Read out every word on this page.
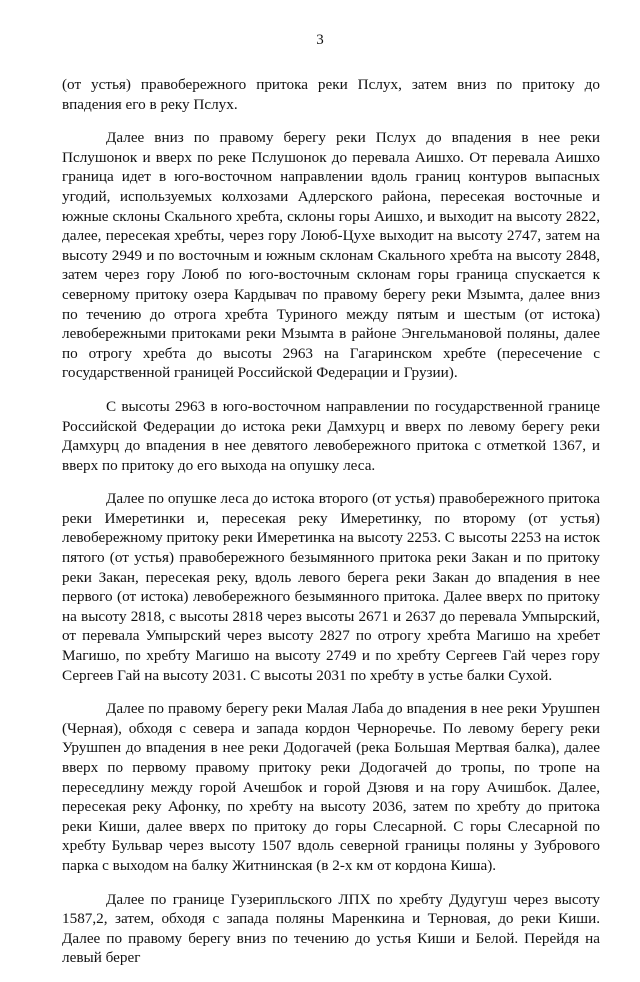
3

(от устья) правобережного притока реки Пслух, затем вниз по притоку до впадения его в реку Пслух.

Далее вниз по правому берегу реки Пслух до впадения в нее реки Пслушонок и вверх по реке Пслушонок до перевала Аишхо. От перевала Аишхо граница идет в юго-восточном направлении вдоль границ контуров выпасных угодий, используемых колхозами Адлерского района, пересекая восточные и южные склоны Скального хребта, склоны горы Аишхо, и выходит на высоту 2822, далее, пересекая хребты, через гору Лоюб-Цухе выходит на высоту 2747, затем на высоту 2949 и по восточным и южным склонам Скального хребта на высоту 2848, затем через гору Лоюб по юго-восточным склонам горы граница спускается к северному притоку озера Кардывач по правому берегу реки Мзымта, далее вниз по течению до отрога хребта Туриного между пятым и шестым (от истока) левобережными притоками реки Мзымта в районе Энгельмановой поляны, далее по отрогу хребта до высоты 2963 на Гагаринском хребте (пересечение с государственной границей Российской Федерации и Грузии).

С высоты 2963 в юго-восточном направлении по государственной границе Российской Федерации до истока реки Дамхурц и вверх по левому берегу реки Дамхурц до впадения в нее девятого левобережного притока с отметкой 1367, и вверх по притоку до его выхода на опушку леса.

Далее по опушке леса до истока второго (от устья) правобережного притока реки Имеретинки и, пересекая реку Имеретинку, по второму (от устья) левобережному притоку реки Имеретинка на высоту 2253. С высоты 2253 на исток пятого (от устья) правобережного безымянного притока реки Закан и по притоку реки Закан, пересекая реку, вдоль левого берега реки Закан до впадения в нее первого (от истока) левобережного безымянного притока. Далее вверх по притоку на высоту 2818, с высоты 2818 через высоты 2671 и 2637 до перевала Умпырский, от перевала Умпырский через высоту 2827 по отрогу хребта Магишо на хребет Магишо, по хребту Магишо на высоту 2749 и по хребту Сергеев Гай через гору Сергеев Гай на высоту 2031. С высоты 2031 по хребту в устье балки Сухой.

Далее по правому берегу реки Малая Лаба до впадения в нее реки Урушпен (Черная), обходя с севера и запада кордон Черноречье. По левому берегу реки Урушпен до впадения в нее реки Додогачей (река Большая Мертвая балка), далее вверх по первому правому притоку реки Додогачей до тропы, по тропе на переседлину между горой Ачешбок и горой Дзювя и на гору Ачишбок. Далее, пересекая реку Афонку, по хребту на высоту 2036, затем по хребту до притока реки Киши, далее вверх по притоку до горы Слесарной. С горы Слесарной по хребту Бульвар через высоту 1507 вдоль северной границы поляны у Зубрового парка с выходом на балку Житнинская (в 2-х км от кордона Киша).

Далее по границе Гузерипльского ЛПХ по хребту Дудугуш через высоту 1587,2, затем, обходя с запада поляны Маренкина и Терновая, до реки Киши. Далее по правому берегу вниз по течению до устья Киши и Белой. Перейдя на левый берег
